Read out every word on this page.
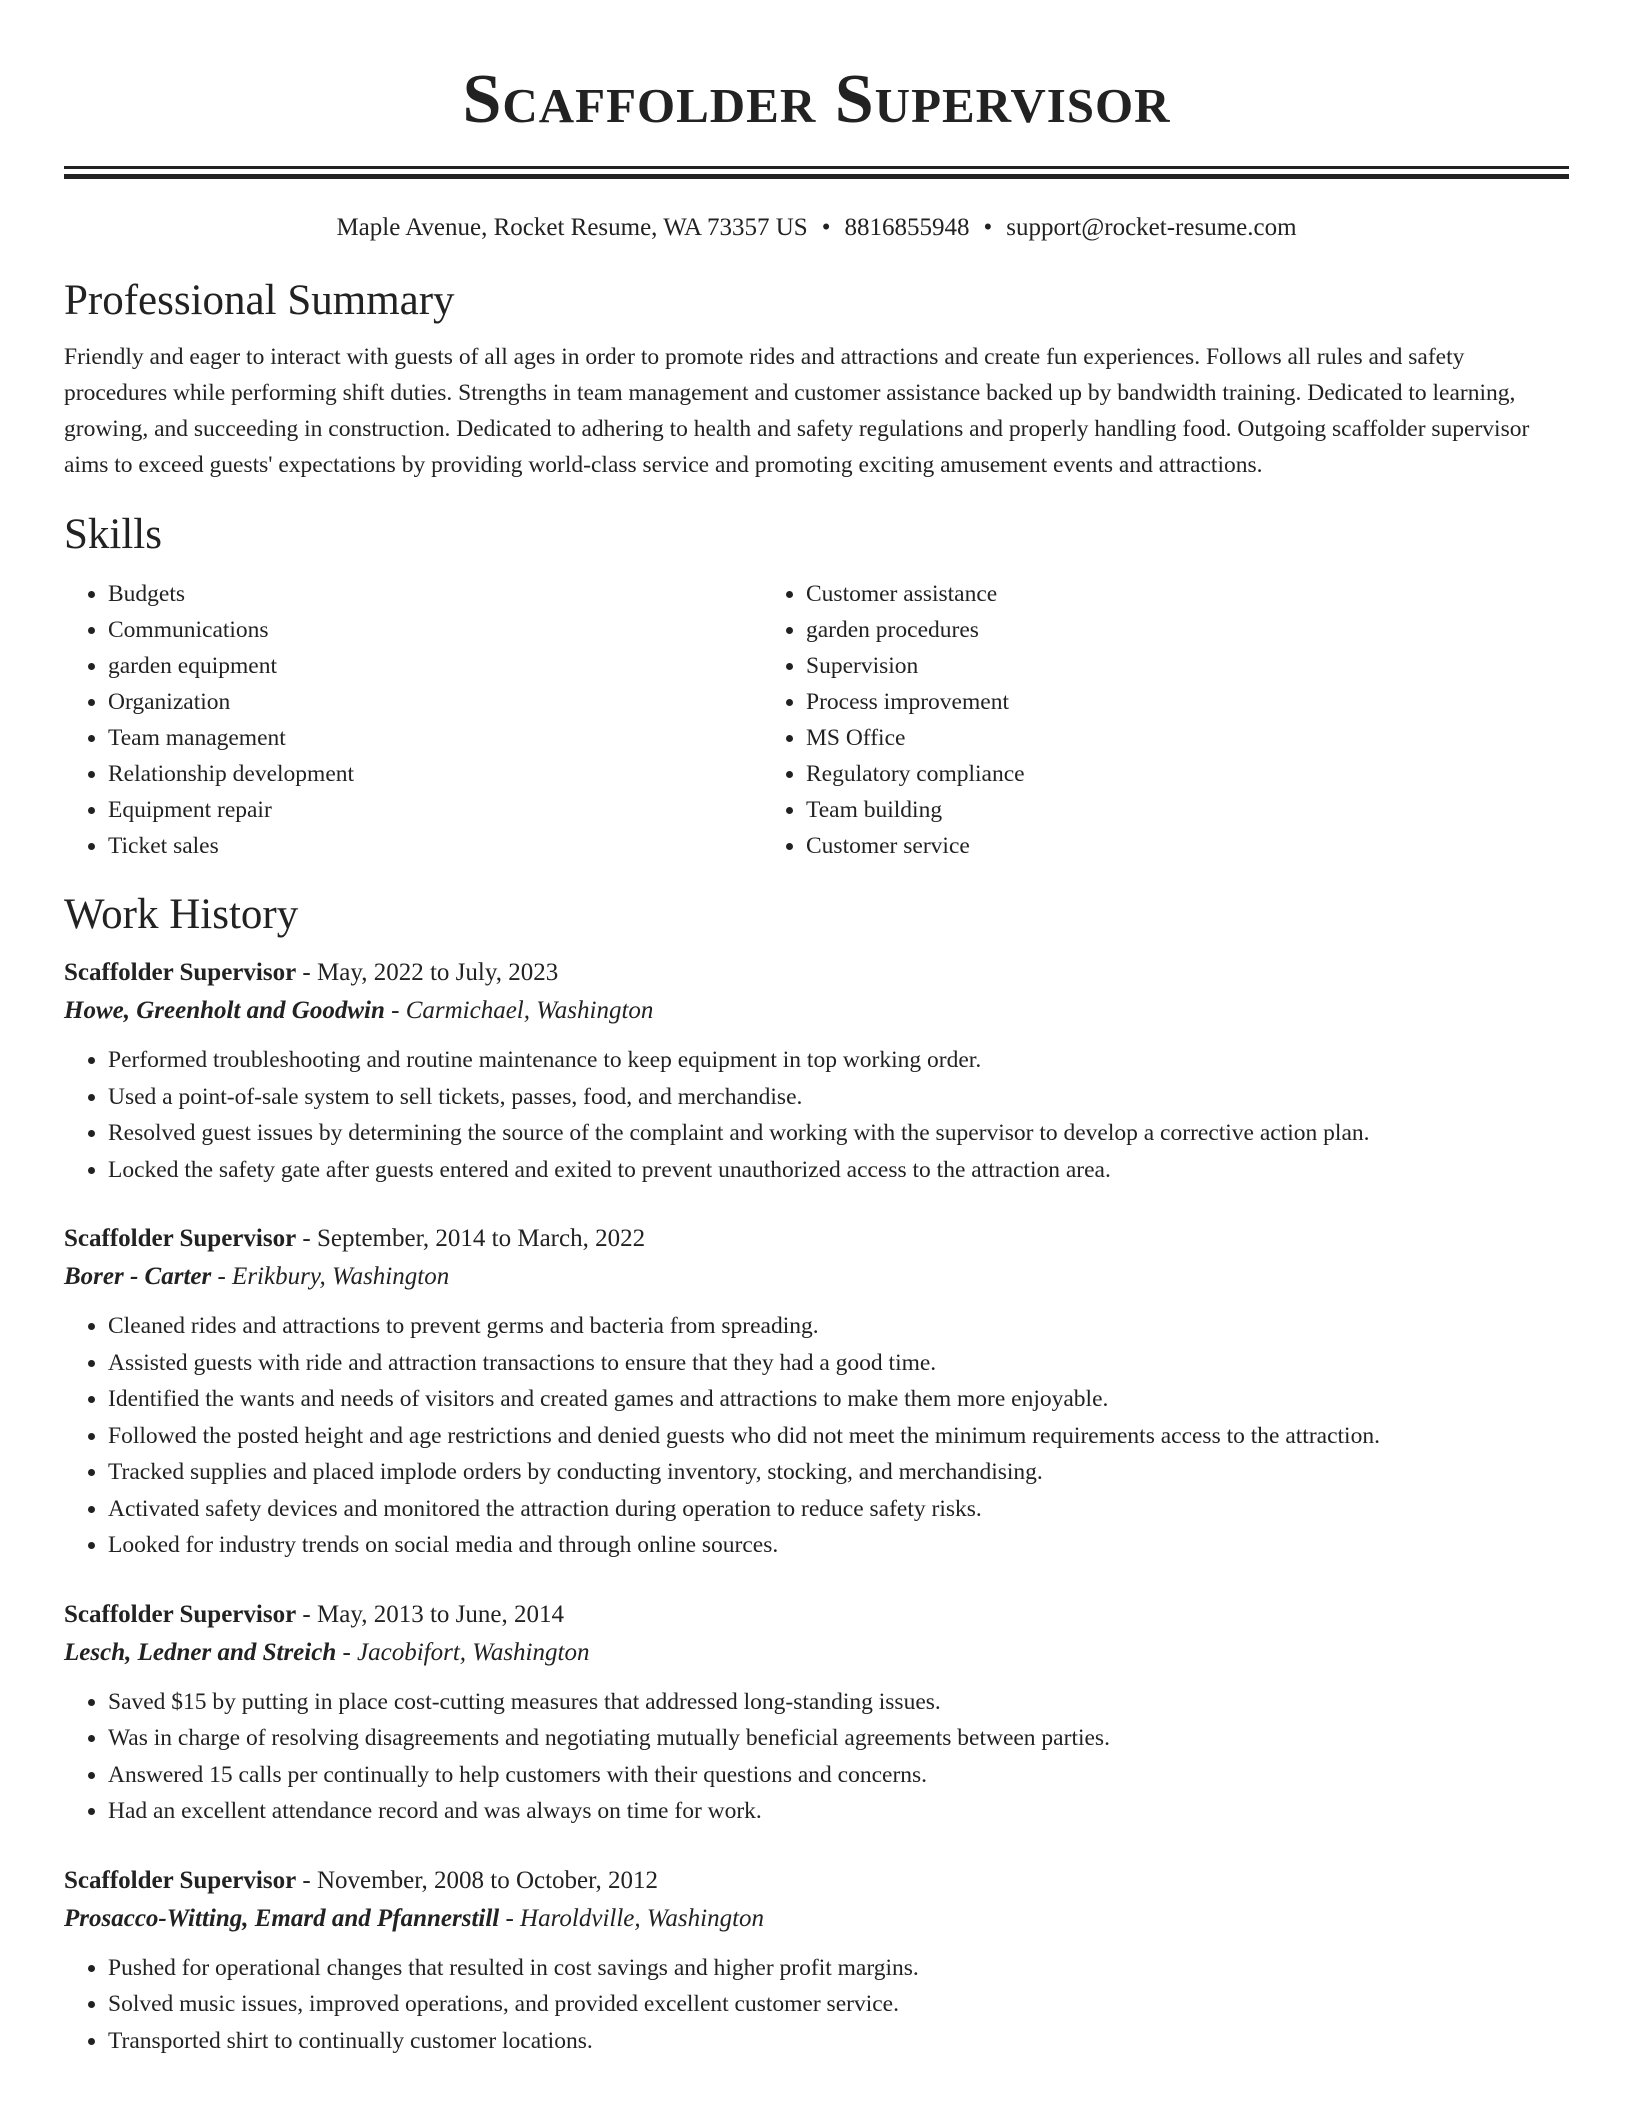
Scaffolder Supervisor
Maple Avenue, Rocket Resume, WA 73357 US • 8816855948 • support@rocket-resume.com
Professional Summary

Friendly and eager to interact with guests of all ages in order to promote rides and attractions and create fun experiences. Follows all rules and safety procedures while performing shift duties. Strengths in team management and customer assistance backed up by bandwidth training. Dedicated to learning, growing, and succeeding in construction. Dedicated to adhering to health and safety regulations and properly handling food. Outgoing scaffolder supervisor aims to exceed guests' expectations by providing world-class service and promoting exciting amusement events and attractions.

Skills
• Budgets
• Communications
• garden equipment
• Organization
• Team management
• Relationship development
• Equipment repair
• Ticket sales
• Customer assistance
• garden procedures
• Supervision
• Process improvement
• MS Office
• Regulatory compliance
• Team building
• Customer service
Work History
Scaffolder Supervisor - May, 2022 to July, 2023
Howe, Greenholt and Goodwin - Carmichael, Washington
• Performed troubleshooting and routine maintenance to keep equipment in top working order.
• Used a point-of-sale system to sell tickets, passes, food, and merchandise.
• Resolved guest issues by determining the source of the complaint and working with the supervisor to develop a corrective action plan.
• Locked the safety gate after guests entered and exited to prevent unauthorized access to the attraction area.
Scaffolder Supervisor - September, 2014 to March, 2022
Borer - Carter - Erikbury, Washington
• Cleaned rides and attractions to prevent germs and bacteria from spreading.
• Assisted guests with ride and attraction transactions to ensure that they had a good time.
• Identified the wants and needs of visitors and created games and attractions to make them more enjoyable.
• Followed the posted height and age restrictions and denied guests who did not meet the minimum requirements access to the attraction.
• Tracked supplies and placed implode orders by conducting inventory, stocking, and merchandising.
• Activated safety devices and monitored the attraction during operation to reduce safety risks.
• Looked for industry trends on social media and through online sources.
Scaffolder Supervisor - May, 2013 to June, 2014
Lesch, Ledner and Streich - Jacobifort, Washington
• Saved $15 by putting in place cost-cutting measures that addressed long-standing issues.
• Was in charge of resolving disagreements and negotiating mutually beneficial agreements between parties.
• Answered 15 calls per continually to help customers with their questions and concerns.
• Had an excellent attendance record and was always on time for work.
Scaffolder Supervisor - November, 2008 to October, 2012
Prosacco-Witting, Emard and Pfannerstill - Haroldville, Washington
• Pushed for operational changes that resulted in cost savings and higher profit margins.
• Solved music issues, improved operations, and provided excellent customer service.
• Transported shirt to continually customer locations.
